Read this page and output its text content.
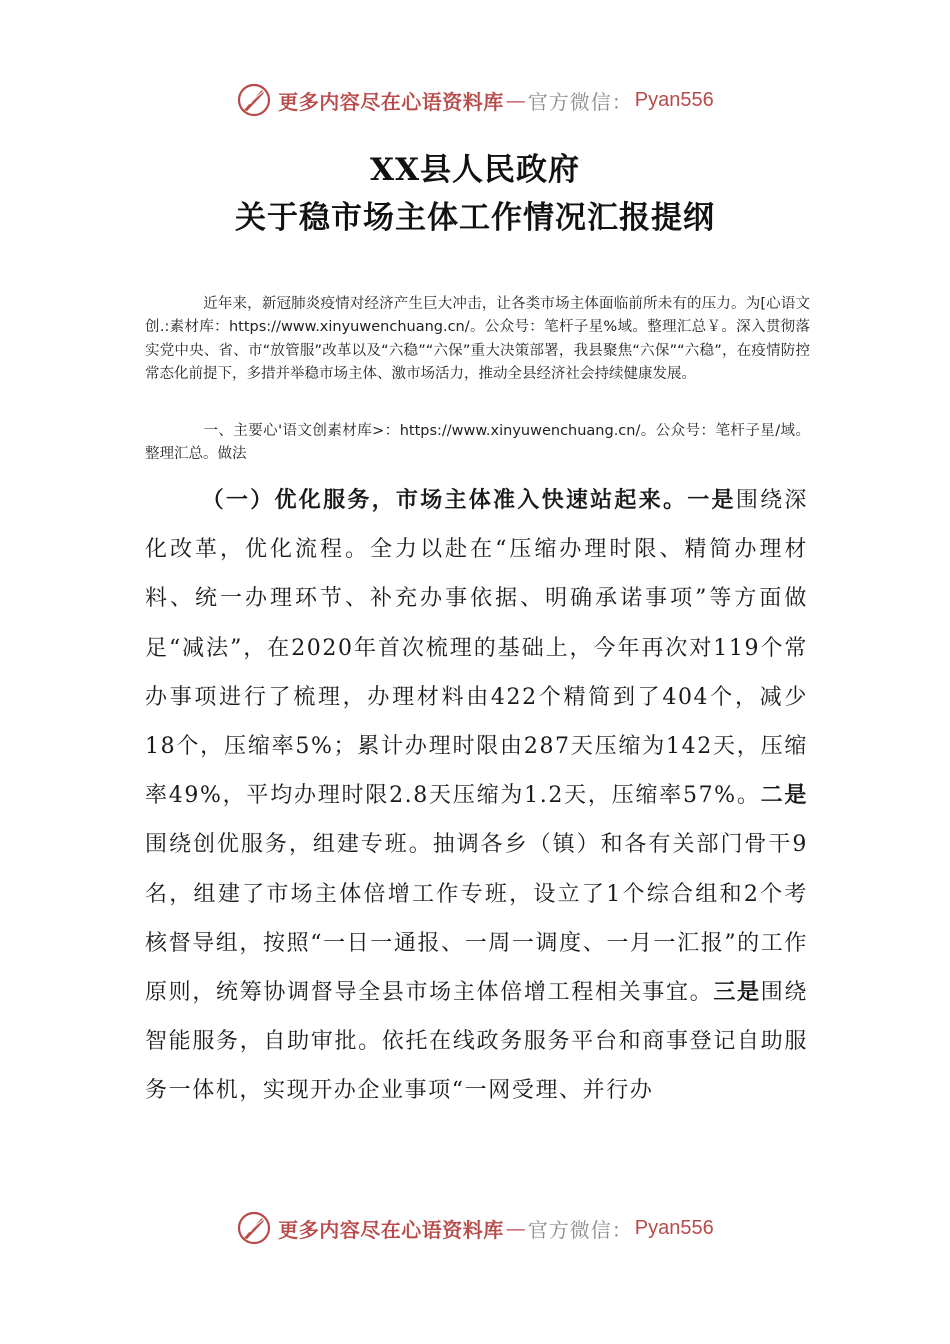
更多内容尽在心语资料库 — 官方微信： Pyan556
XX县人民政府
关于稳市场主体工作情况汇报提纲
近年来，新冠肺炎疫情对经济产生巨大冲击，让各类市场主体面临前所未有的压力。为[心语文创.:素材库：https://www.xinyuwenchuang.cn/。公众号：笔杆子星%域。整理汇总￥。深入贯彻落实党中央、省、市“放管服”改革以及“六稳”“六保”重大决策部署，我县聚焦“六保”“六稳”，在疫情防控常态化前提下，多措并举稳市场主体、激市场活力，推动全县经济社会持续健康发展。
一、主要心'语文创素材库>：https://www.xinyuwenchuang.cn/。公众号：笔杆子星/域。整理汇总。做法
（一）优化服务，市场主体准入快速站起来。一是围绕深化改革，优化流程。全力以赴在“压缩办理时限、精简办理材料、统一办理环节、补充办事依据、明确承诺事项”等方面做足“减法”，在2020年首次梳理的基础上，今年再次对119个常办事项进行了梳理，办理材料由422个精简到了404个，减少18个，压缩率5%；累计办理时限由287天压缩为142天，压缩率49%，平均办理时限2.8天压缩为1.2天，压缩率57%。二是围绕创优服务，组建专班。抽调各乡（镇）和各有关部门骨干9名，组建了市场主体倍增工作专班，设立了1个综合组和2个考核督导组，按照“一日一通报、一周一调度、一月一汇报”的工作原则，统筹协调督导全县市场主体倍增工程相关事宜。三是围绕智能服务，自助审批。依托在线政务服务平台和商事登记自助服务一体机，实现开办企业事项“一网受理、并行办
更多内容尽在心语资料库 — 官方微信： Pyan556
